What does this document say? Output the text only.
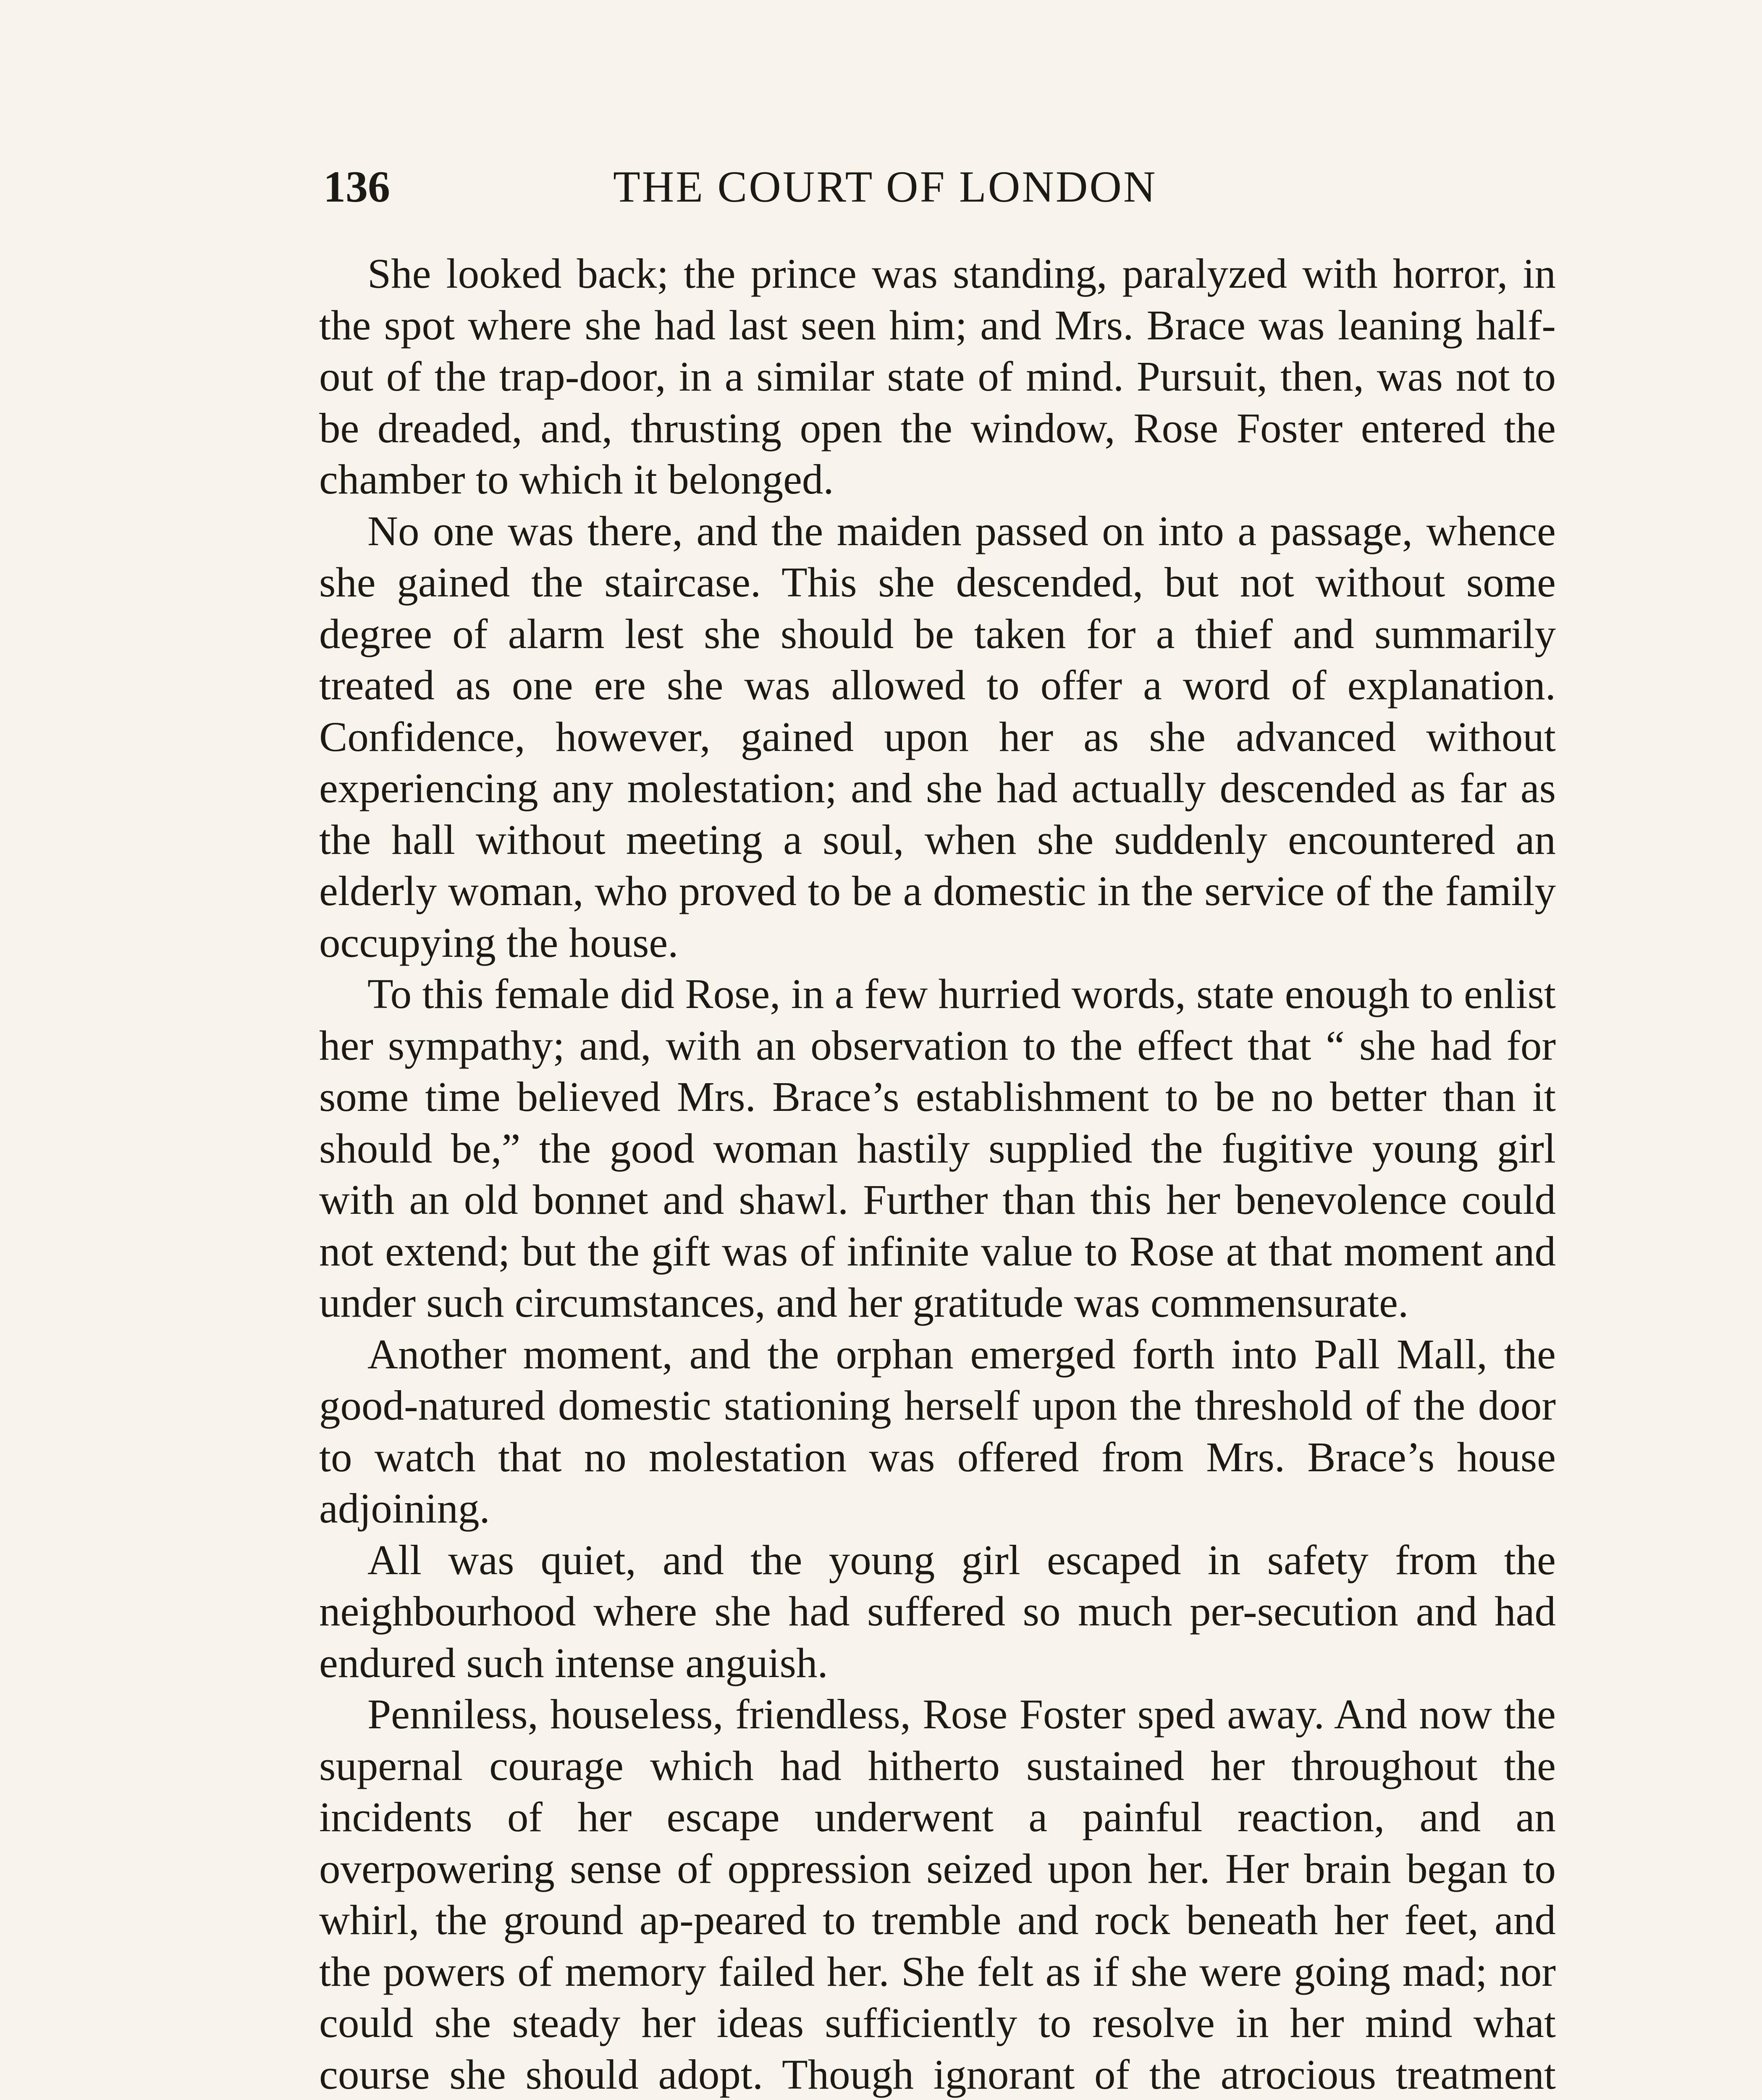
136	THE COURT OF LONDON

She looked back; the prince was standing, paralyzed with horror, in the spot where she had last seen him; and Mrs. Brace was leaning half-out of the trap-door, in a similar state of mind. Pursuit, then, was not to be dreaded, and, thrusting open the window, Rose Foster entered the chamber to which it belonged.

No one was there, and the maiden passed on into a passage, whence she gained the staircase. This she descended, but not without some degree of alarm lest she should be taken for a thief and summarily treated as one ere she was allowed to offer a word of explanation. Confidence, however, gained upon her as she advanced without experiencing any molestation; and she had actually descended as far as the hall without meeting a soul, when she suddenly encountered an elderly woman, who proved to be a domestic in the service of the family occupying the house.

To this female did Rose, in a few hurried words, state enough to enlist her sympathy; and, with an observation to the effect that “ she had for some time believed Mrs. Brace’s establishment to be no better than it should be,” the good woman hastily supplied the fugitive young girl with an old bonnet and shawl. Further than this her benevolence could not extend; but the gift was of infinite value to Rose at that moment and under such circumstances, and her gratitude was commensurate.

Another moment, and the orphan emerged forth into Pall Mall, the good-natured domestic stationing herself upon the threshold of the door to watch that no molestation was offered from Mrs. Brace’s house adjoining.

All was quiet, and the young girl escaped in safety from the neighbourhood where she had suffered so much per-secution and had endured such intense anguish.

Penniless, houseless, friendless, Rose Foster sped away. And now the supernal courage which had hitherto sustained her throughout the incidents of her escape underwent a painful reaction, and an overpowering sense of oppression seized upon her. Her brain began to whirl, the ground ap-peared to tremble and rock beneath her feet, and the powers of memory failed her. She felt as if she were going mad; nor could she steady her ideas sufficiently to resolve in her mind what course she should adopt. Though ignorant of the atrocious treatment
